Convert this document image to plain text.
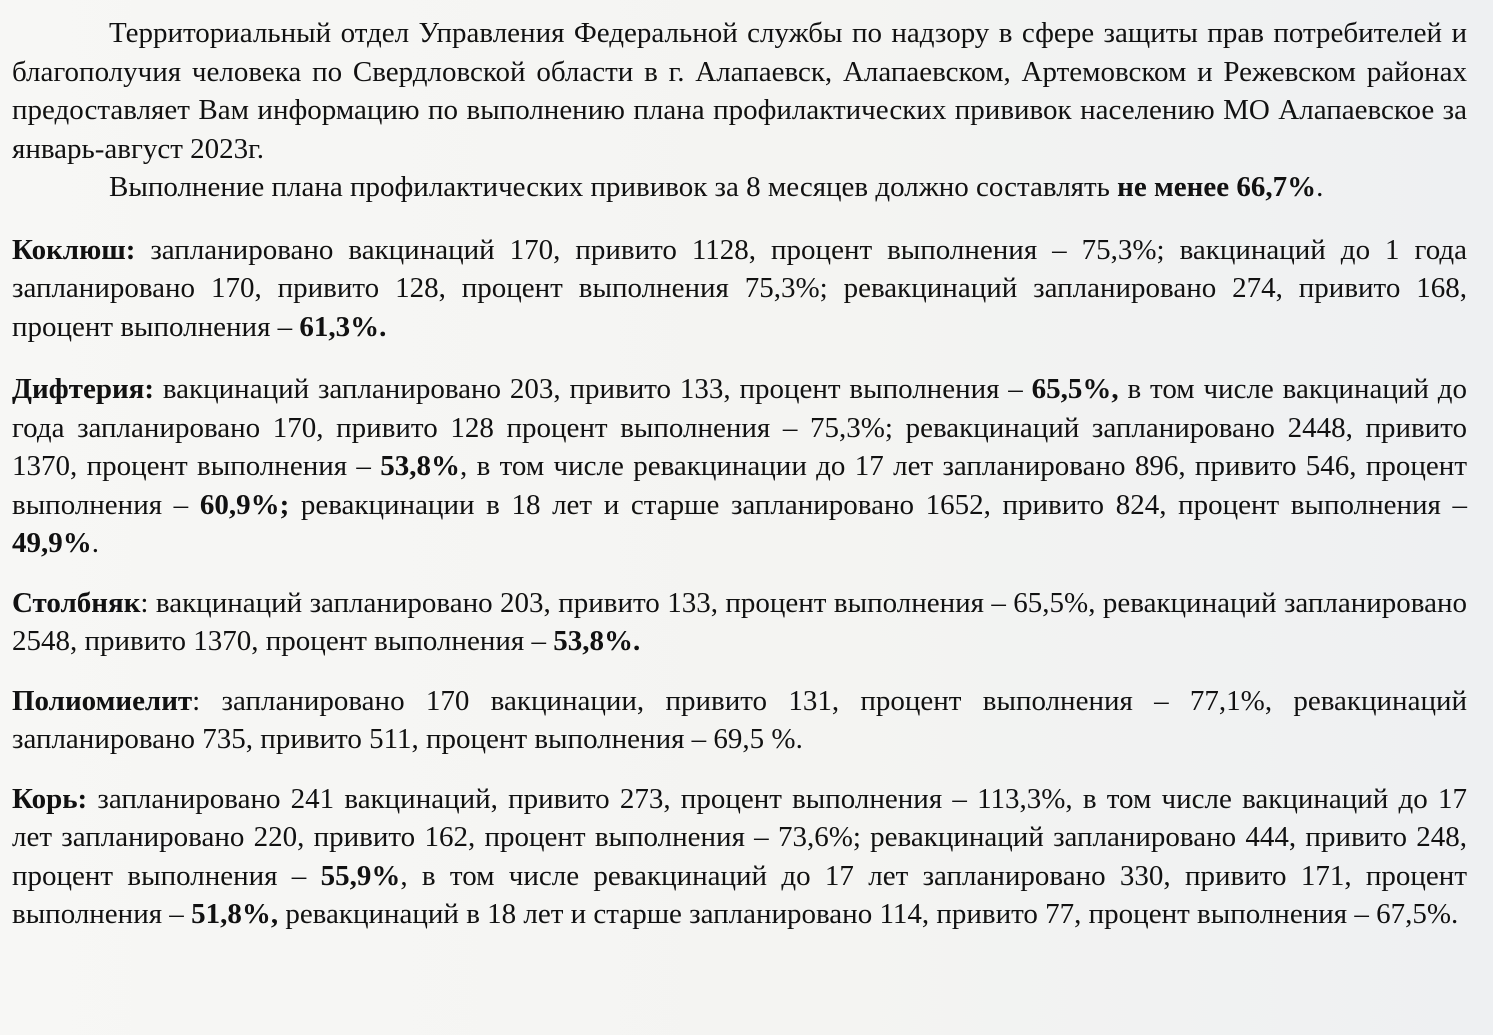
Территориальный отдел Управления Федеральной службы по надзору в сфере защиты прав потребителей и благополучия человека по Свердловской области в г. Алапаевск, Алапаевском, Артемовском и Режевском районах предоставляет Вам информацию по выполнению плана профилактических прививок населению МО Алапаевское за январь-август 2023г.

Выполнение плана профилактических прививок за 8 месяцев должно составлять не менее 66,7%.

Коклюш: запланировано вакцинаций 170, привито 1128, процент выполнения – 75,3%; вакцинаций до 1 года запланировано 170, привито 128, процент выполнения 75,3%; ревакцинаций запланировано 274, привито 168, процент выполнения – 61,3%.

Дифтерия: вакцинаций запланировано 203, привито 133, процент выполнения – 65,5%, в том числе вакцинаций до года запланировано 170, привито 128 процент выполнения – 75,3%; ревакцинаций запланировано 2448, привито 1370, процент выполнения – 53,8%, в том числе ревакцинации до 17 лет запланировано 896, привито 546, процент выполнения – 60,9%; ревакцинации в 18 лет и старше запланировано 1652, привито 824, процент выполнения – 49,9%.

Столбняк: вакцинаций запланировано 203, привито 133, процент выполнения – 65,5%, ревакцинаций запланировано 2548, привито 1370, процент выполнения – 53,8%.

Полиомиелит: запланировано 170 вакцинации, привито 131, процент выполнения – 77,1%, ревакцинаций запланировано 735, привито 511, процент выполнения – 69,5 %.

Корь: запланировано 241 вакцинаций, привито 273, процент выполнения – 113,3%, в том числе вакцинаций до 17 лет запланировано 220, привито 162, процент выполнения – 73,6%; ревакцинаций запланировано 444, привито 248, процент выполнения – 55,9%, в том числе ревакцинаций до 17 лет запланировано 330, привито 171, процент выполнения – 51,8%, ревакцинаций в 18 лет и старше запланировано 114, привито 77, процент выполнения – 67,5%.
